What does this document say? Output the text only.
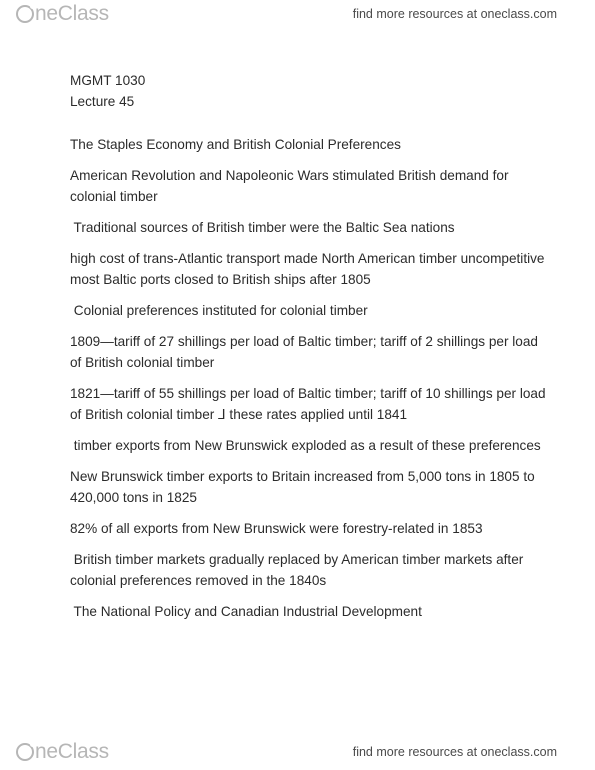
ne Class	find more resources at oneclass.com

MGMT 1030

Lecture 45

The Staples Economy and British Colonial Preferences

American Revolution and Napoleonic Wars stimulated British demand for colonial timber

Traditional sources of British timber were the Baltic Sea nations

high cost of trans-Atlantic transport made North American timber uncompetitive most Baltic ports closed to British ships after 1805

Colonial preferences instituted for colonial timber

1809—tariff of 27 shillings per load of Baltic timber; tariff of 2 shillings per load of British colonial timber

1821—tariff of 55 shillings per load of Baltic timber; tariff of 10 shillings per load of British colonial timber ⅃ these rates applied until 1841

timber exports from New Brunswick exploded as a result of these preferences

New Brunswick timber exports to Britain increased from 5,000 tons in 1805 to 420,000 tons in 1825

82% of all exports from New Brunswick were forestry-related in 1853

British timber markets gradually replaced by American timber markets after colonial preferences removed in the 1840s

The National Policy and Canadian Industrial Development

ne Class	find more resources at oneclass.com
